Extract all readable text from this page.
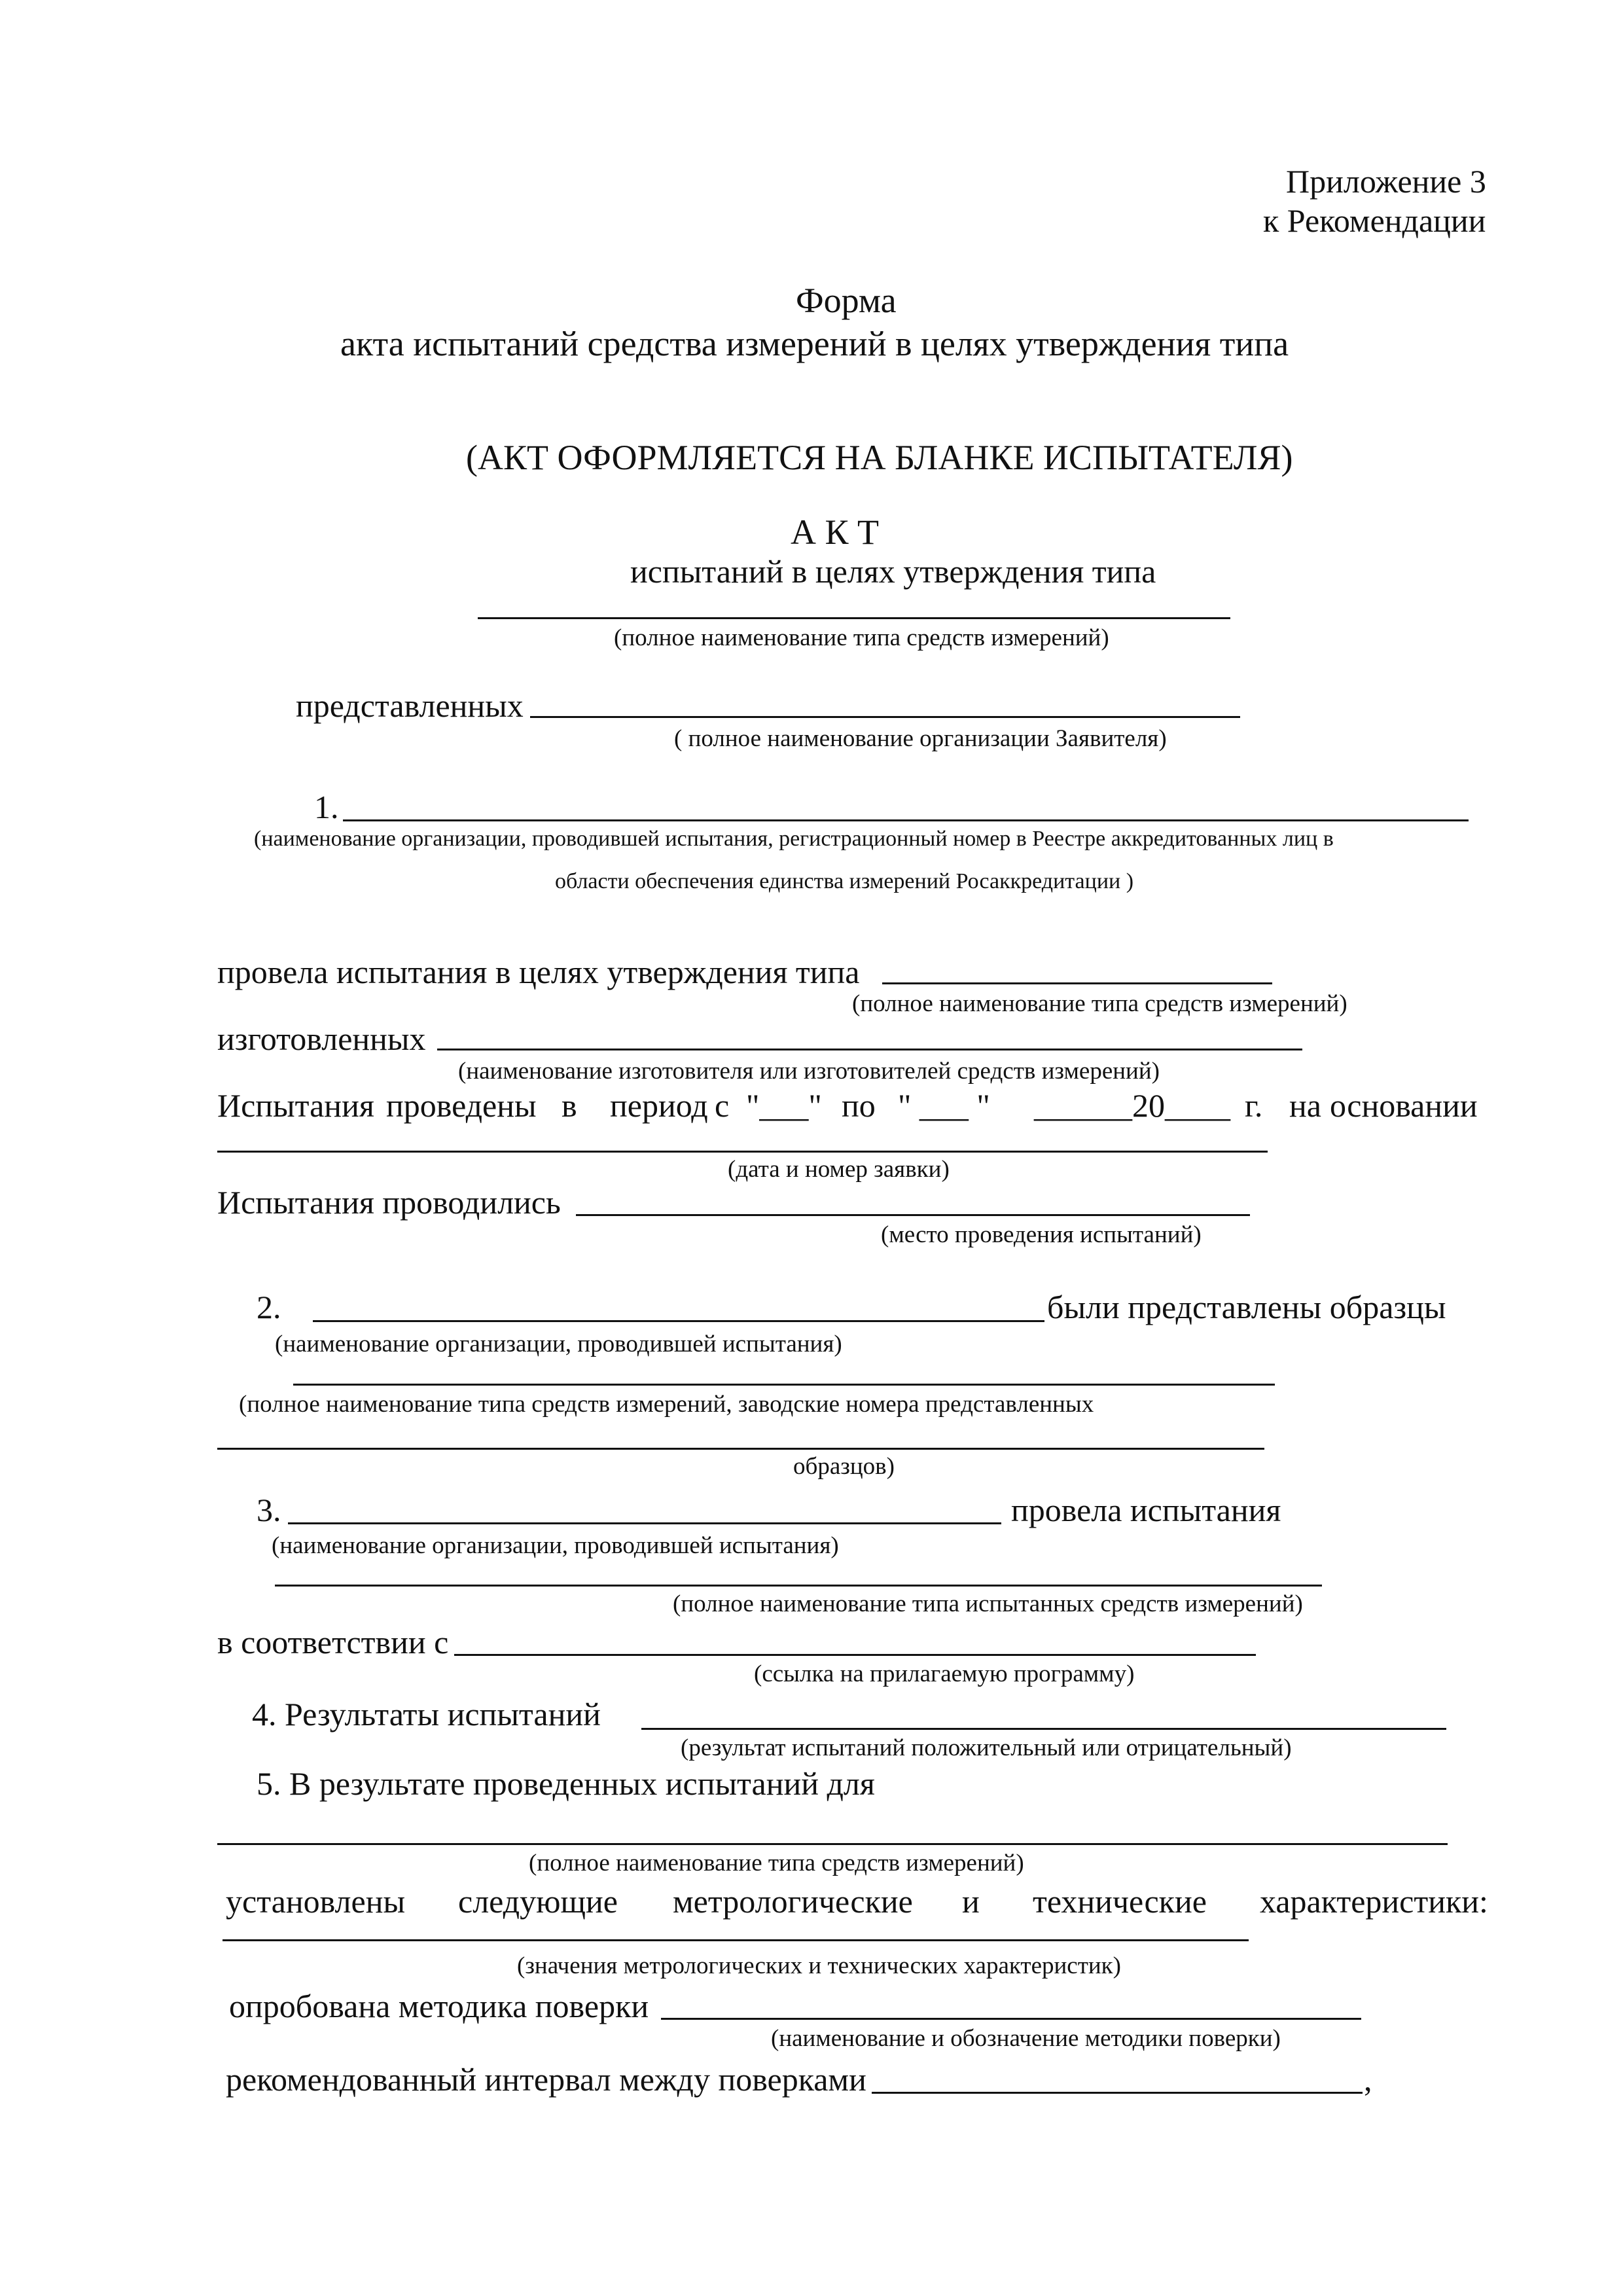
Приложение 3
к Рекомендации
Форма
акта испытаний средства измерений в целях утверждения типа
(АКТ ОФОРМЛЯЕТСЯ НА БЛАНКЕ ИСПЫТАТЕЛЯ)
А К Т
испытаний в целях утверждения типа
(полное наименование типа средств измерений)
представленных
( полное наименование организации Заявителя)
1.
(наименование организации, проводившей испытания, регистрационный номер в Реестре аккредитованных лиц в
области обеспечения единства измерений Росаккредитации )
провела испытания в целях утверждения типа
(полное наименование типа средств измерений)
изготовленных
(наименование изготовителя или изготовителей средств измерений)
Испытания проведены в период с "___" по " ___ " ______20____ г. на основании
(дата и номер заявки)
Испытания проводились
(место проведения испытаний)
2.	были представлены образцы
(наименование организации, проводившей испытания)
(полное наименование типа средств измерений, заводские номера представленных
образцов)
3.	провела испытания
(наименование организации, проводившей испытания)
(полное наименование типа испытанных средств измерений)
в соответствии с
(ссылка на прилагаемую программу)
4. Результаты испытаний
(результат испытаний положительный или отрицательный)
5. В результате проведенных испытаний для
(полное наименование типа средств измерений)
установлены следующие метрологические и технические характеристики:
(значения метрологических и технических характеристик)
опробована методика поверки
(наименование и обозначение методики поверки)
рекомендованный интервал между поверками	,
